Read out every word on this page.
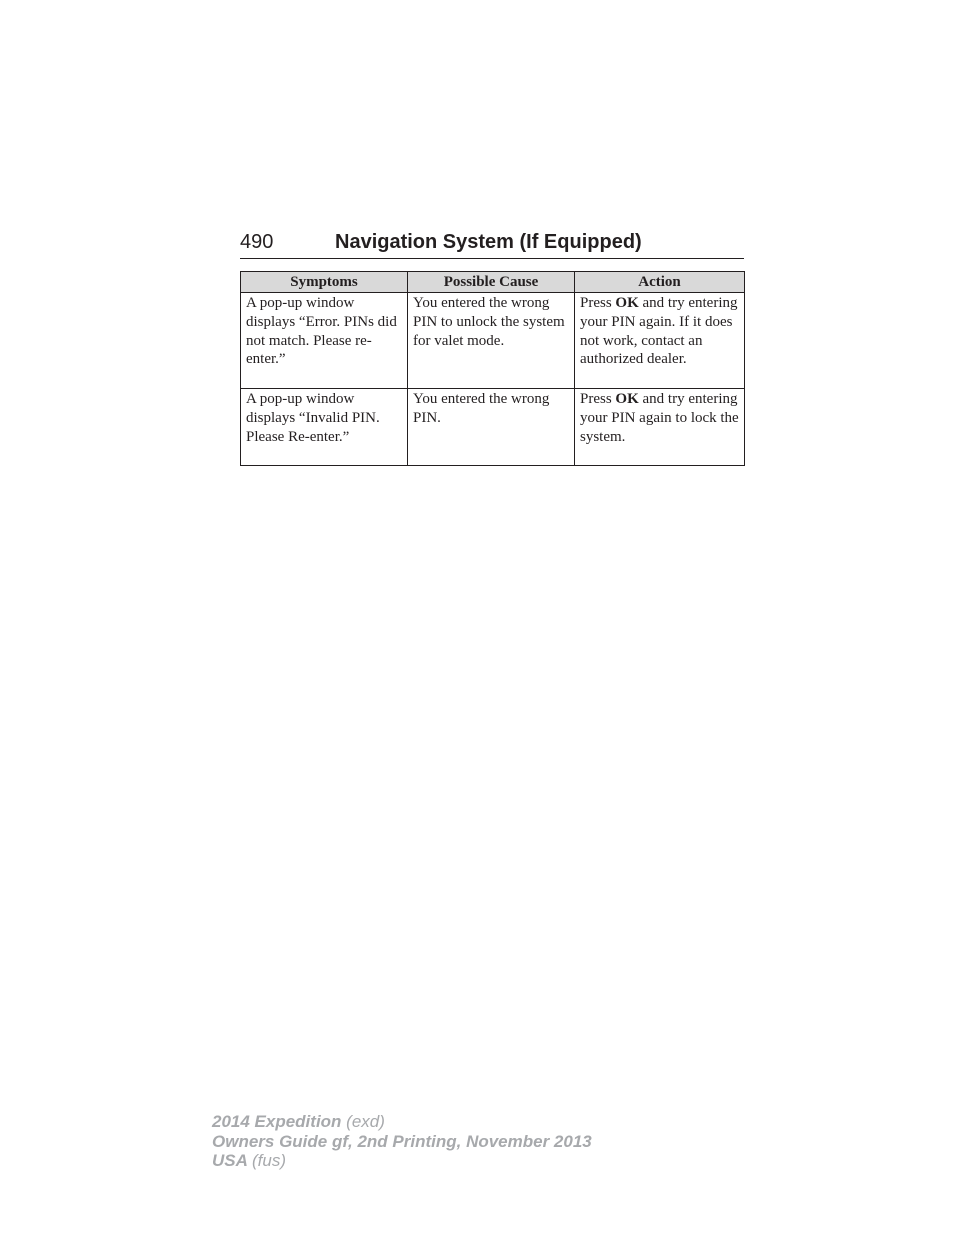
490	Navigation System (If Equipped)
Symptoms	Possible Cause	Action
A pop-up window displays “Error. PINs did not match. Please re-enter.”	You entered the wrong PIN to unlock the system for valet mode.	Press OK and try entering your PIN again. If it does not work, contact an authorized dealer.
A pop-up window displays “Invalid PIN. Please Re-enter.”	You entered the wrong PIN.	Press OK and try entering your PIN again to lock the system.
2014 Expedition (exd)
Owners Guide gf, 2nd Printing, November 2013
USA (fus)
